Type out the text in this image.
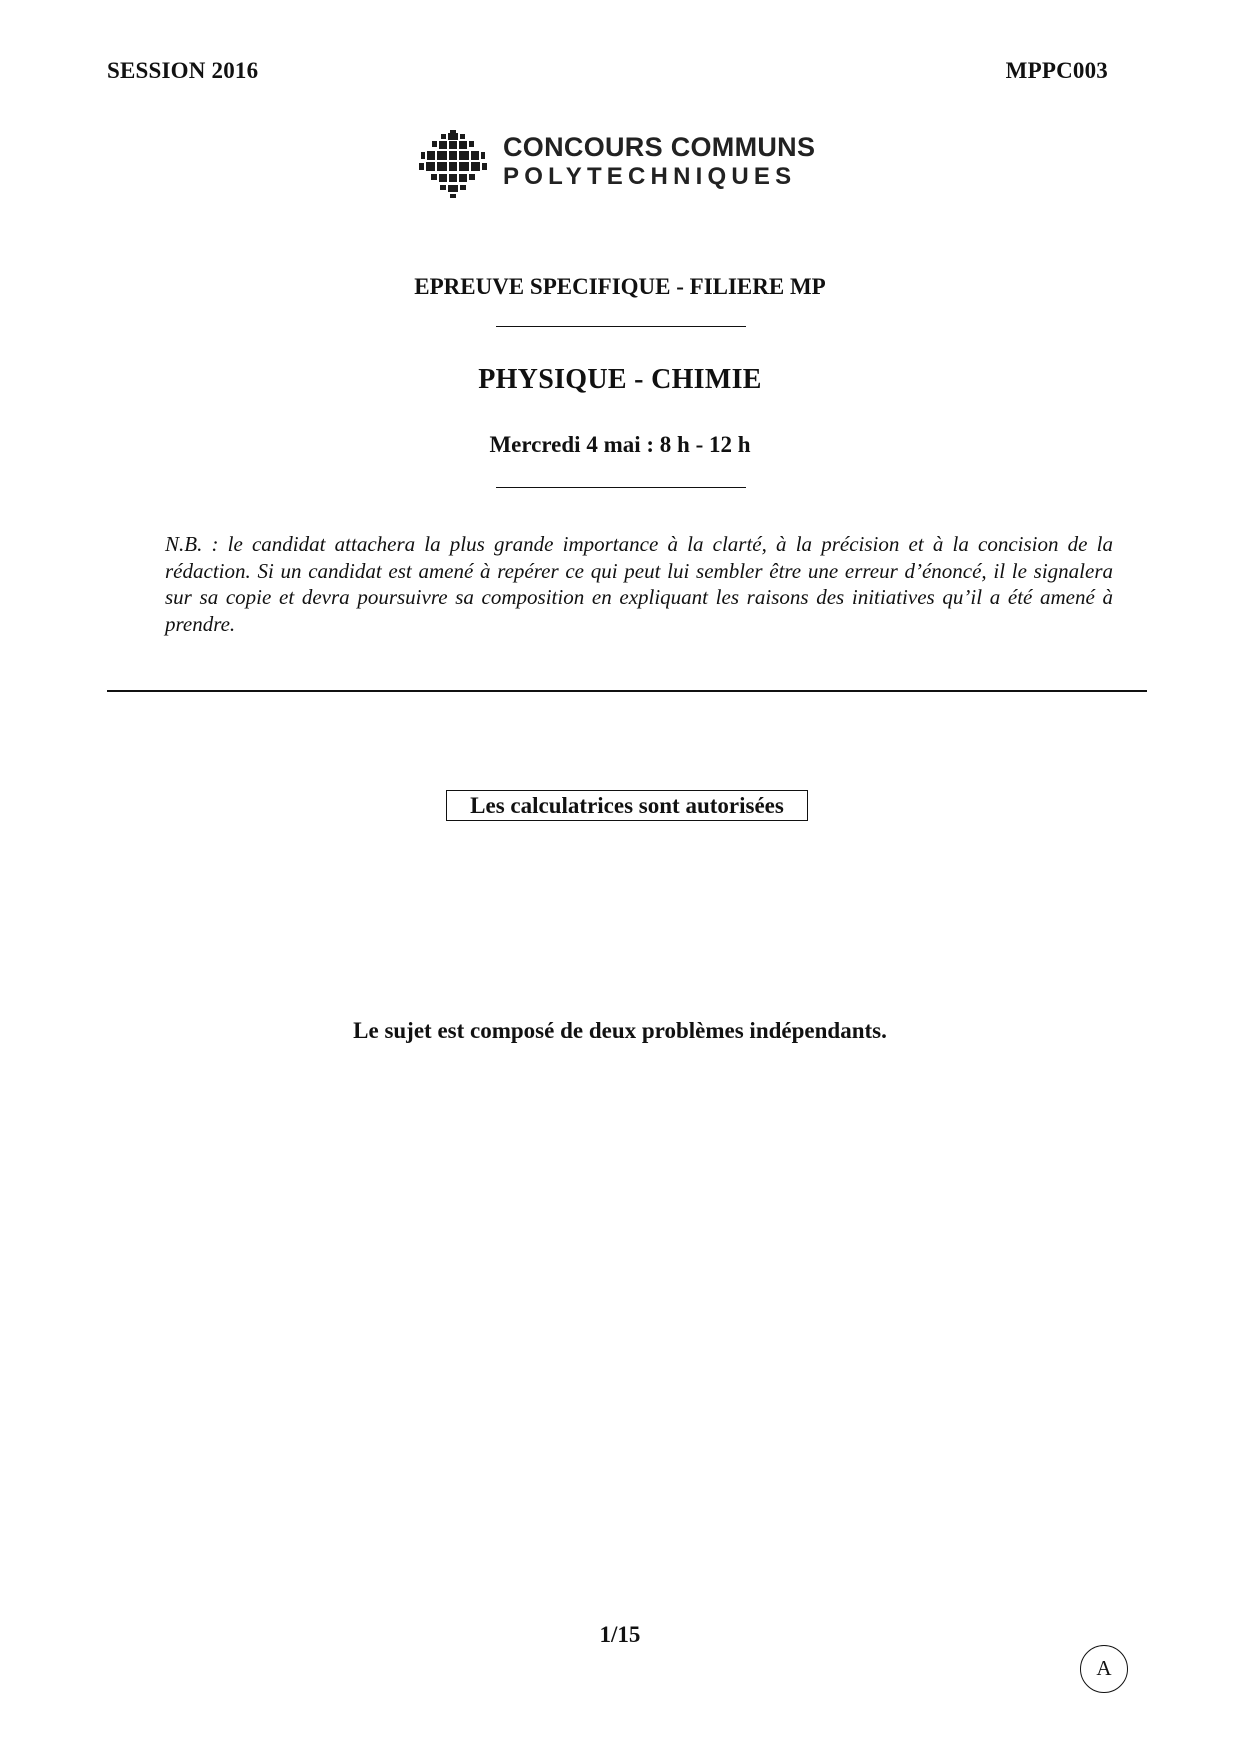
SESSION 2016	MPPC003
CONCOURS COMMUNS
POLYTECHNIQUES
EPREUVE SPECIFIQUE - FILIERE MP
PHYSIQUE - CHIMIE
Mercredi 4 mai : 8 h - 12 h
N.B. : le candidat attachera la plus grande importance à la clarté, à la précision et à la concision de la rédaction. Si un candidat est amené à repérer ce qui peut lui sembler être une erreur d’énoncé, il le signalera sur sa copie et devra poursuivre sa composition en expliquant les raisons des initiatives qu’il a été amené à prendre.
Les calculatrices sont autorisées
Le sujet est composé de deux problèmes indépendants.
1/15
A
